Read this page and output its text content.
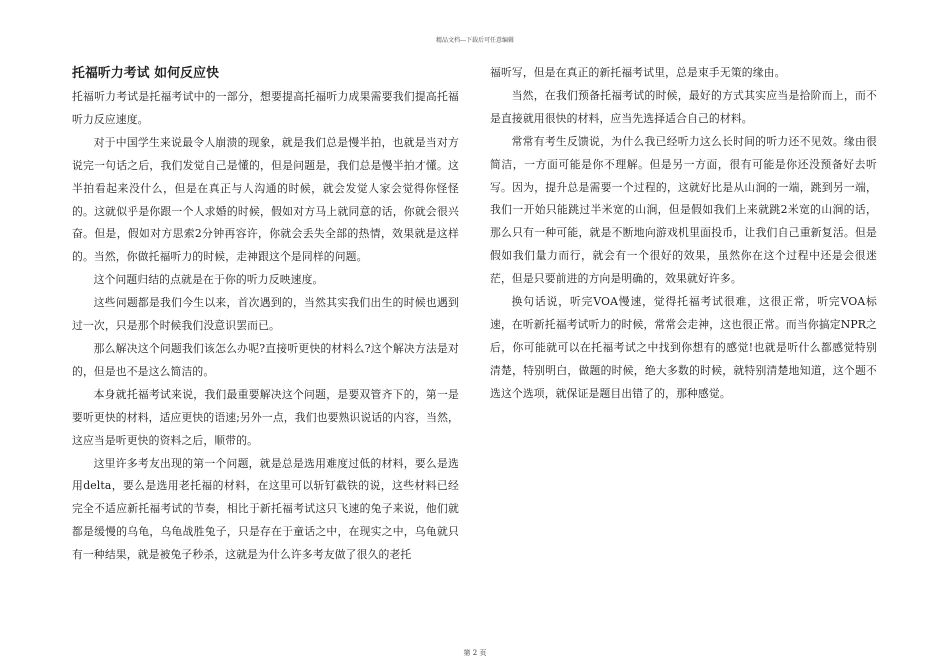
精品文档---下载后可任意编辑

托福听力考试 如何反应快

托福听力考试是托福考试中的一部分，想要提高托福听力成果需要我们提高托福听力反应速度。

对于中国学生来说最令人崩溃的现象，就是我们总是慢半拍，也就是当对方说完一句话之后，我们发觉自己是懂的，但是问题是，我们总是慢半拍才懂。这半拍看起来没什么，但是在真正与人沟通的时候，就会发觉人家会觉得你怪怪的。这就似乎是你跟一个人求婚的时候，假如对方马上就同意的话，你就会很兴奋。但是，假如对方思索2分钟再容许，你就会丢失全部的热情，效果就是这样的。当然，你做托福听力的时候，走神跟这个是同样的问题。

这个问题归结的点就是在于你的听力反映速度。

这些问题都是我们今生以来，首次遇到的，当然其实我们出生的时候也遇到过一次，只是那个时候我们没意识罢而已。

那么解决这个问题我们该怎么办呢?直接听更快的材料么?这个解决方法是对的，但是也不是这么简洁的。

本身就托福考试来说，我们最重要解决这个问题，是要双管齐下的，第一是要听更快的材料，适应更快的语速;另外一点，我们也要熟识说话的内容，当然，这应当是听更快的资料之后，顺带的。

这里许多考友出现的第一个问题，就是总是选用难度过低的材料，要么是选用delta，要么是选用老托福的材料，在这里可以斩钉截铁的说，这些材料已经完全不适应新托福考试的节奏，相比于新托福考试这只飞速的兔子来说，他们就都是缓慢的乌龟，乌龟战胜兔子，只是存在于童话之中，在现实之中，乌龟就只有一种结果，就是被兔子秒杀，这就是为什么许多考友做了很久的老托

福听写，但是在真正的新托福考试里，总是束手无策的缘由。

当然，在我们预备托福考试的时候，最好的方式其实应当是拾阶而上，而不是直接就用很快的材料，应当先选择适合自己的材料。

常常有考生反馈说，为什么我已经听力这么长时间的听力还不见效。缘由很简洁，一方面可能是你不理解。但是另一方面，很有可能是你还没预备好去听写。因为，提升总是需要一个过程的，这就好比是从山涧的一端，跳到另一端，我们一开始只能跳过半米宽的山涧，但是假如我们上来就跳2米宽的山涧的话，那么只有一种可能，就是不断地向游戏机里面投币，让我们自己重新复活。但是假如我们量力而行，就会有一个很好的效果，虽然你在这个过程中还是会很迷茫，但是只要前进的方向是明确的，效果就好许多。

换句话说，听完VOA慢速，觉得托福考试很难，这很正常，听完VOA标速，在听新托福考试听力的时候，常常会走神，这也很正常。而当你搞定NPR之后，你可能就可以在托福考试之中找到你想有的感觉!也就是听什么都感觉特别清楚，特别明白，做题的时候，绝大多数的时候，就特别清楚地知道，这个题不选这个选项，就保证是题目出错了的，那种感觉。

第 2 页
